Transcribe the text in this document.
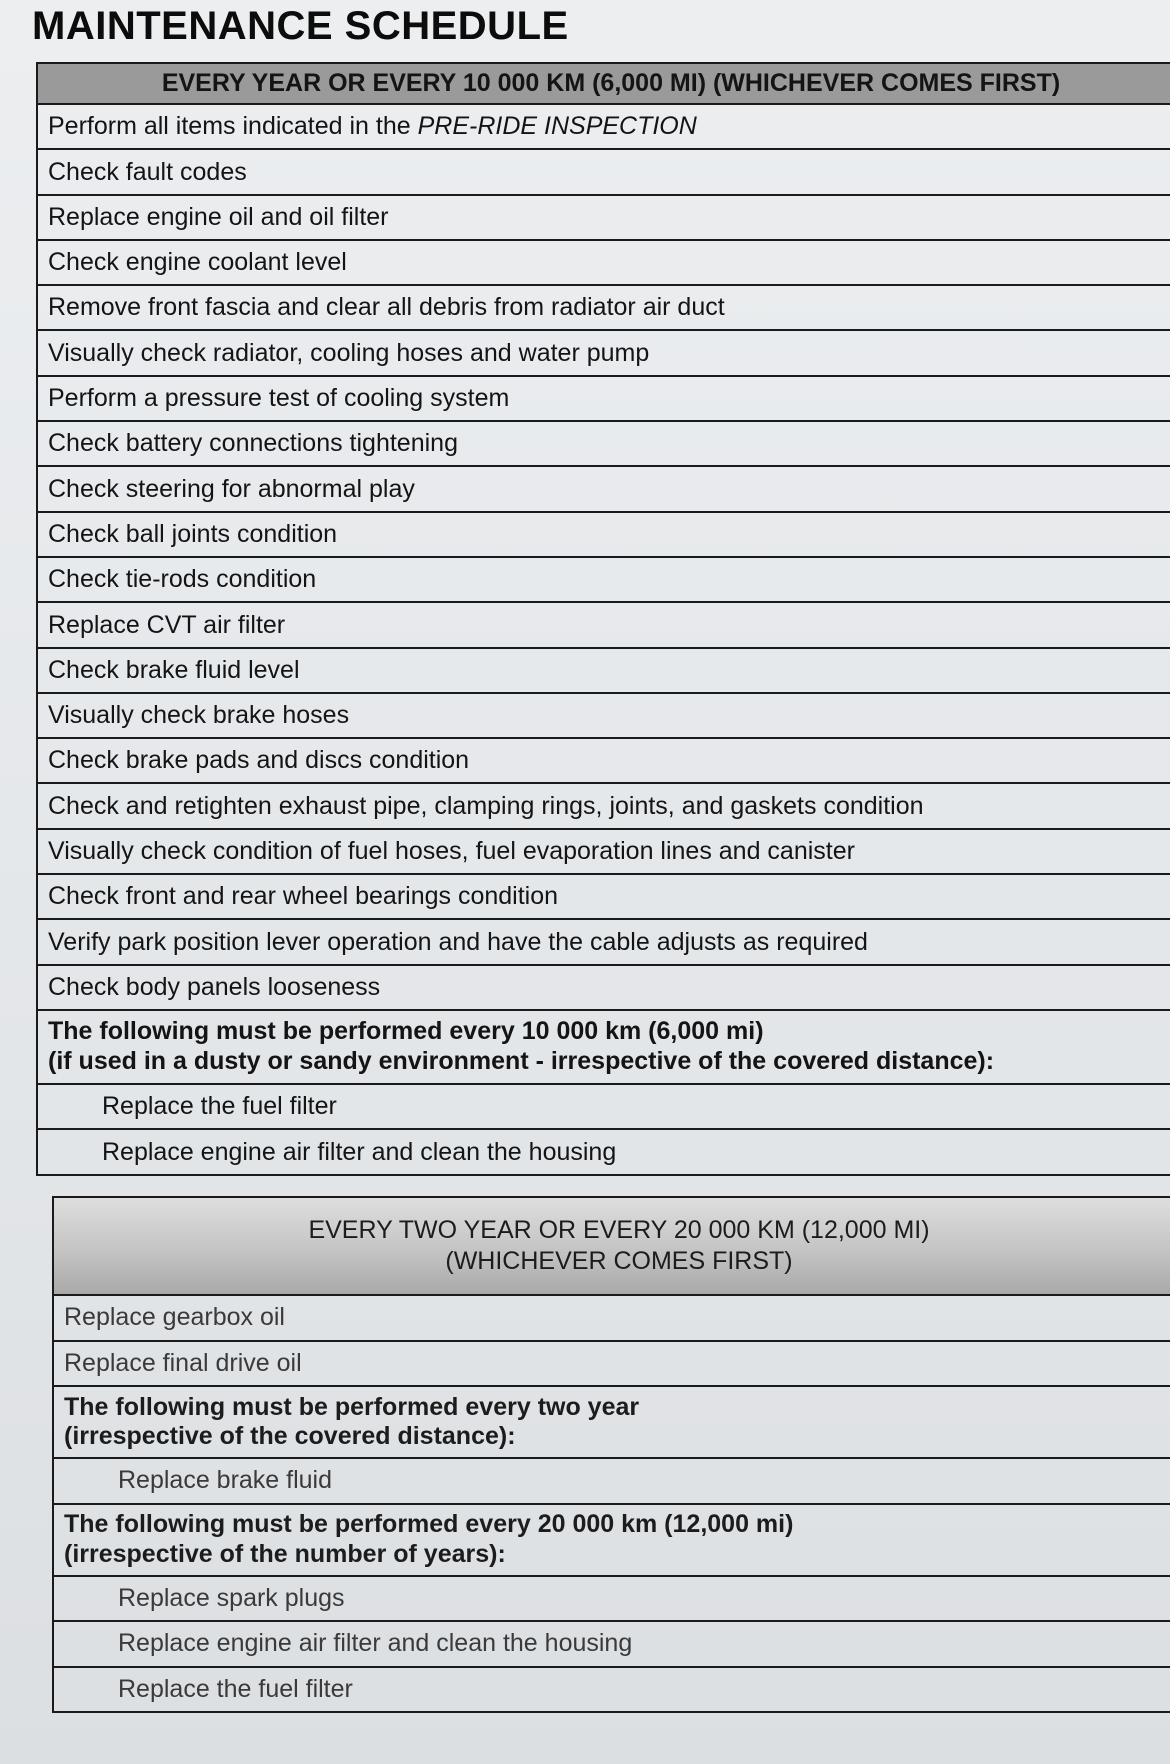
MAINTENANCE SCHEDULE
EVERY YEAR OR EVERY 10 000 KM (6,000 MI) (WHICHEVER COMES FIRST)
Perform all items indicated in the PRE-RIDE INSPECTION
Check fault codes
Replace engine oil and oil filter
Check engine coolant level
Remove front fascia and clear all debris from radiator air duct
Visually check radiator, cooling hoses and water pump
Perform a pressure test of cooling system
Check battery connections tightening
Check steering for abnormal play
Check ball joints condition
Check tie-rods condition
Replace CVT air filter
Check brake fluid level
Visually check brake hoses
Check brake pads and discs condition
Check and retighten exhaust pipe, clamping rings, joints, and gaskets condition
Visually check condition of fuel hoses, fuel evaporation lines and canister
Check front and rear wheel bearings condition
Verify park position lever operation and have the cable adjusts as required
Check body panels looseness
The following must be performed every 10 000 km (6,000 mi)
(if used in a dusty or sandy environment - irrespective of the covered distance):
Replace the fuel filter
Replace engine air filter and clean the housing
EVERY TWO YEAR OR EVERY 20 000 KM (12,000 MI)
(WHICHEVER COMES FIRST)
Replace gearbox oil
Replace final drive oil
The following must be performed every two year
(irrespective of the covered distance):
Replace brake fluid
The following must be performed every 20 000 km (12,000 mi)
(irrespective of the number of years):
Replace spark plugs
Replace engine air filter and clean the housing
Replace the fuel filter
